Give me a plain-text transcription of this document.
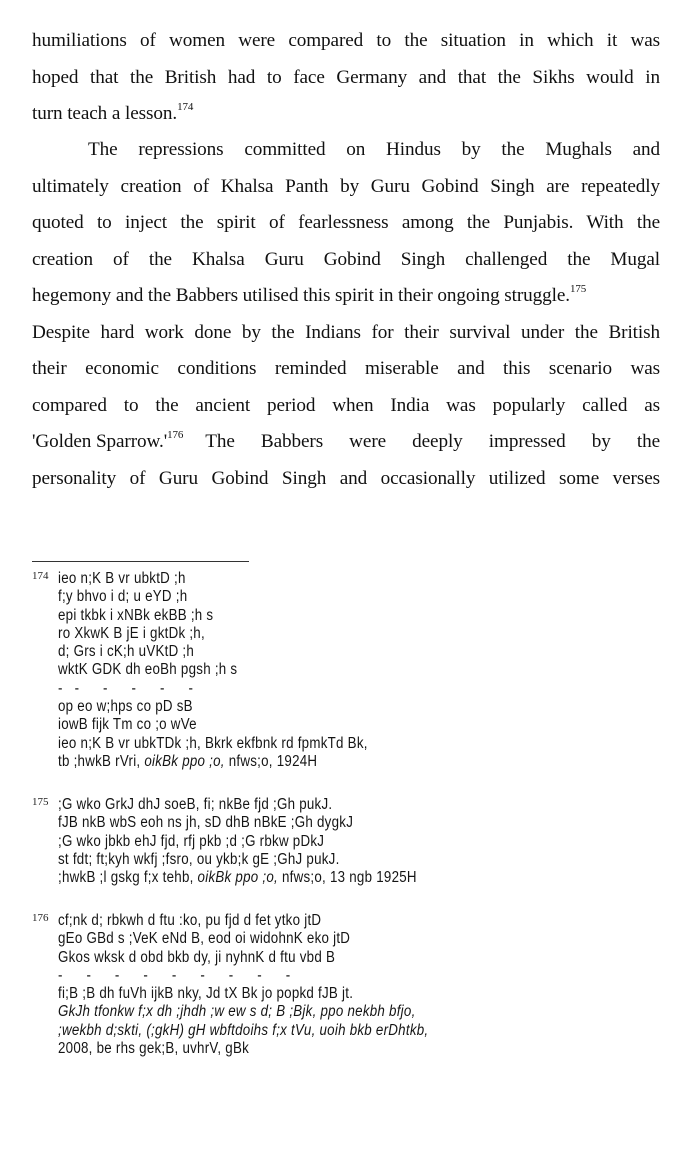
humiliations of women were compared to the situation in which it was
hoped that the British had to face Germany and that the Sikhs would in
turn teach a lesson.$^{174}$
The repressions committed on Hindus by the Mughals and
ultimately creation of Khalsa Panth by Guru Gobind Singh are repeatedly
quoted to inject the spirit of fearlessness among the Punjabis. With the
creation of the Khalsa Guru Gobind Singh challenged the Mugal
hegemony and the Babbers utilised this spirit in their ongoing struggle.$^{175}$
Despite hard work done by the Indians for their survival under the British
their economic conditions reminded miserable and this scenario was
compared to the ancient period when India was popularly called as
'Golden $Sparrow.'^{176}$ The Babbers were deeply impressed by the
personality of Guru Gobind Singh and occasionally utilized some verses
174 ieo n;K B vr ubktD ;h
f;y bhvo i d; u eYD ;h
epi tkbk i xNBk ekBB ;h s
ro XkwK B jE i gktDk ;h,
d; Grs i cK;h uVKtD ;h
wktK GDK dh eoBh pgsh ;h s
-   -      -      -      -      -
op eo w;hps co pD sB
iowB fijk Tm co ;o wVe
ieo n;K B vr ubkTDk ;h, Bkrk ekfbnk rd fpmkTd Bk,
tb ;hwkB rVri, oikBk ppo ;o, nfws;o, 1924H
175 ;G wko GrkJ dhJ soeB, fi; nkBe fjd ;Gh pukJ.
fJB nkB wbS eoh ns jh, sD dhB nBkE ;Gh dygkJ
;G wko jbkb ehJ fjd, rfj pkb ;d ;G rbkw pDkJ
st fdt; ft;kyh wkfj ;fsro, ou ykb;k gE ;GhJ pukJ.
;hwkB ;l gskg f;x tehb, oikBk ppo ;o, nfws;o, 13 ngb 1925H
176 cf;nk d; rbkwh d ftu :ko, pu fjd d fet ytko jtD
gEo GBd s ;VeK eNd B, eod oi widohnK eko jtD
Gkos wksk d obd bkb dy, ji nyhnK d ftu vbd B
-      -      -      -      -      -      -      -      -
fi;B ;B dh fuVh ijkB nky, Jd tX Bk jo popkd fJB jt.
GkJh tfonkw f;x dh ;jhdh ;w ew s d; B ;Bjk, ppo nekbh bfjo,
;wekbh d;skti, (;gkH) gH wbftdoihs f;x tVu, uoih bkb erDhtkb,
2008, be rhs gek;B, uvhrV, gBk
